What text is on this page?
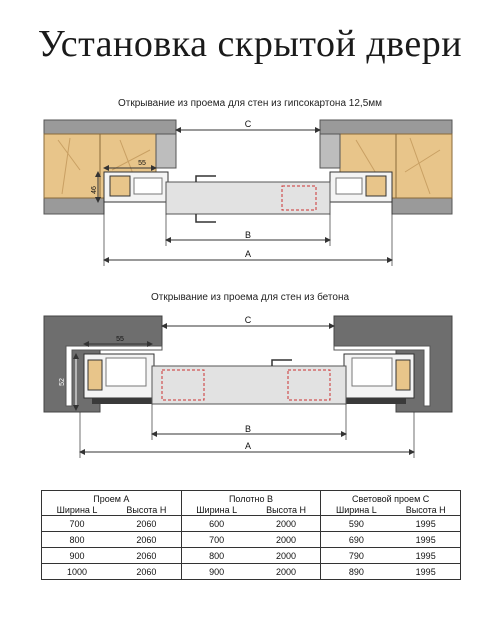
Установка скрытой двери
Открывание из проема для стен из гипсокартона 12,5мм
C
55
46
B
A
Открывание из проема для стен из бетона
C
55
52
B
A
Проем A		Полотно B		Световой проем C	
Ширина L	Высота H	Ширина L	Высота H	Ширина L	Высота H
700	2060	600	2000	590	1995
800	2060	700	2000	690	1995
900	2060	800	2000	790	1995
1000	2060	900	2000	890	1995
